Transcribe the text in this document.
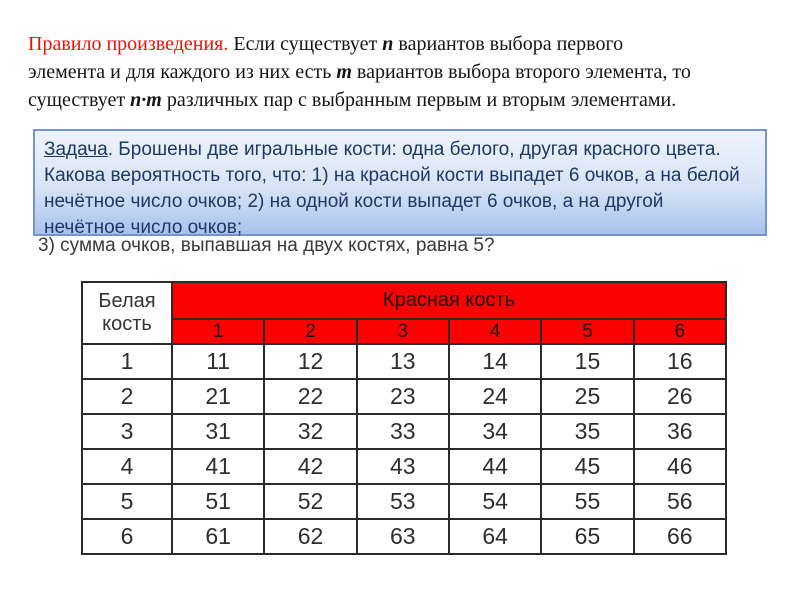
Правило произведения. Если существует n вариантов выбора первого
элемента и для каждого из них есть m вариантов выбора второго элемента, то
существует n·m различных пар с выбранным первым и вторым элементами.
Задача. Брошены две игральные кости: одна белого, другая красного цвета.
Какова вероятность того, что: 1) на красной кости выпадет 6 очков, а на белой
нечётное число очков; 2) на одной кости выпадет 6 очков, а на другой
нечётное число очков;
3) сумма очков, выпавшая на двух костях, равна 5?
Белая кость	Красная кость					
	1	2	3	4	5	6
1	11	12	13	14	15	16
2	21	22	23	24	25	26
3	31	32	33	34	35	36
4	41	42	43	44	45	46
5	51	52	53	54	55	56
6	61	62	63	64	65	66
